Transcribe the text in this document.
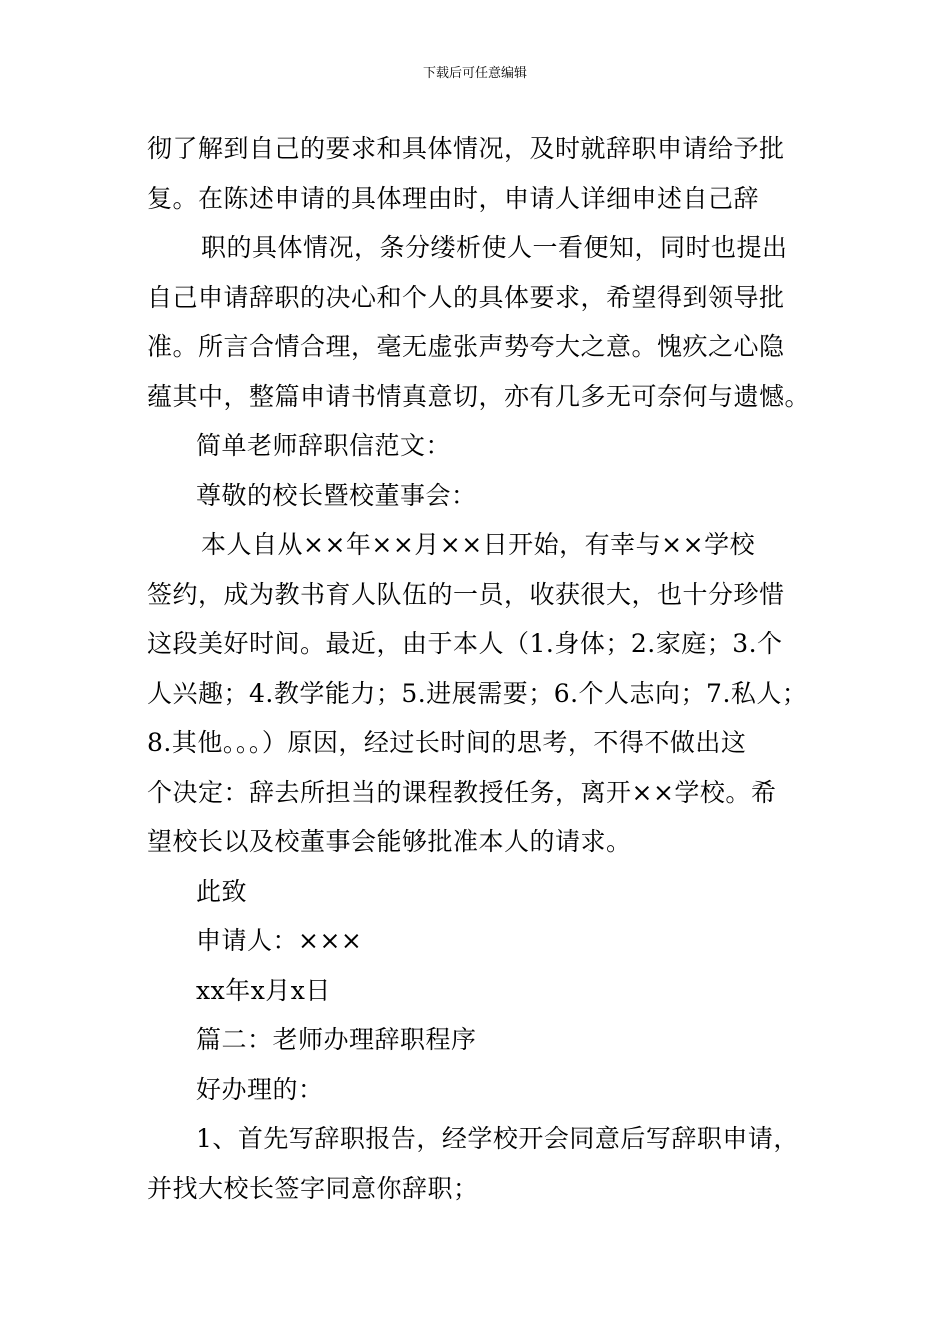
下载后可任意编辑
彻了解到自己的要求和具体情况，及时就辞职申请给予批
复。在陈述申请的具体理由时，申请人详细申述自己辞
职的具体情况，条分缕析使人一看便知，同时也提出
自己申请辞职的决心和个人的具体要求，希望得到领导批
准。所言合情合理，毫无虚张声势夸大之意。愧疚之心隐
蕴其中，整篇申请书情真意切，亦有几多无可奈何与遗憾。
简单老师辞职信范文：
尊敬的校长暨校董事会：
本人自从××年××月××日开始，有幸与××学校
签约，成为教书育人队伍的一员，收获很大，也十分珍惜
这段美好时间。最近，由于本人（1.身体；2.家庭；3.个
人兴趣；4.教学能力；5.进展需要；6.个人志向；7.私人；
8.其他。。。）原因，经过长时间的思考，不得不做出这
个决定：辞去所担当的课程教授任务，离开××学校。希
望校长以及校董事会能够批准本人的请求。
此致
申请人：×××
xx年x月x日
篇二：老师办理辞职程序
好办理的：
1、首先写辞职报告，经学校开会同意后写辞职申请，
并找大校长签字同意你辞职；
